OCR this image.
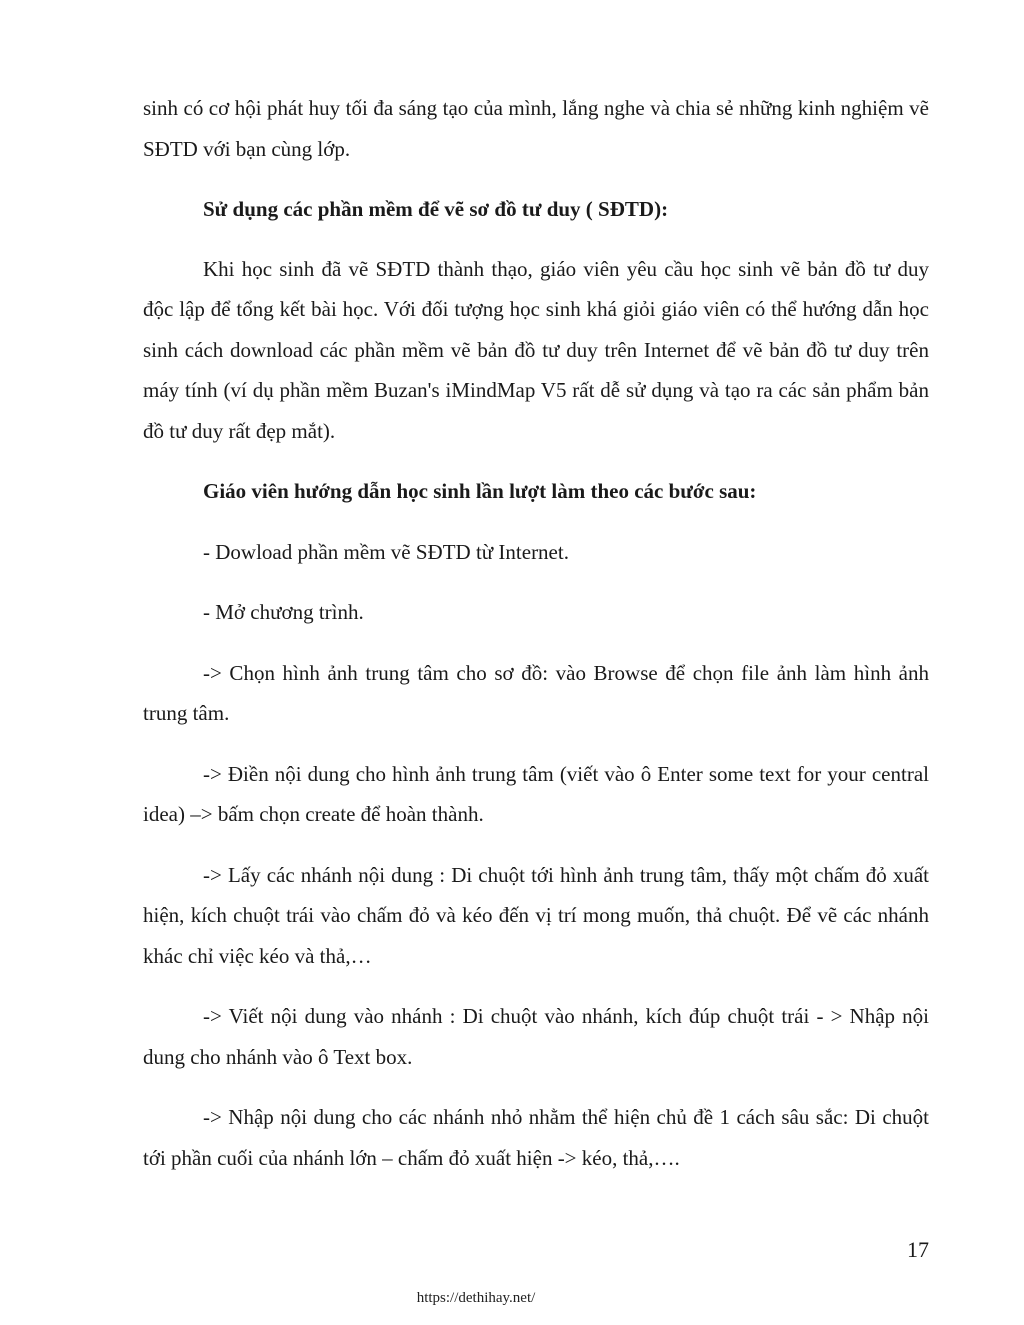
sinh có cơ hội phát huy tối đa sáng tạo của mình, lắng nghe và chia sẻ những kinh nghiệm vẽ SĐTD với bạn cùng lớp.

Sử dụng các phần mềm để vẽ sơ đồ tư duy ( SĐTD):

Khi học sinh đã vẽ SĐTD thành thạo, giáo viên yêu cầu học sinh vẽ bản đồ tư duy độc lập để tổng kết bài học. Với đối tượng học sinh khá giỏi giáo viên có thể hướng dẫn học sinh cách download các phần mềm vẽ bản đồ tư duy trên Internet để vẽ bản đồ tư duy trên máy tính (ví dụ phần mềm Buzan's iMindMap V5 rất dễ sử dụng và tạo ra các sản phẩm bản đồ tư duy rất đẹp mắt).

Giáo viên hướng dẫn học sinh lần lượt làm theo các bước sau:

- Dowload phần mềm vẽ SĐTD từ Internet.

- Mở chương trình.

-> Chọn hình ảnh trung tâm cho sơ đồ: vào Browse để chọn file ảnh làm hình ảnh trung tâm.

-> Điền nội dung cho hình ảnh trung tâm (viết vào ô Enter some text for your central idea) –> bấm chọn create để hoàn thành.

-> Lấy các nhánh nội dung : Di chuột tới hình ảnh trung tâm, thấy một chấm đỏ xuất hiện, kích chuột trái vào chấm đỏ và kéo đến vị trí mong muốn, thả chuột. Để vẽ các nhánh khác chỉ việc kéo và thả,…

-> Viết nội dung vào nhánh : Di chuột vào nhánh, kích đúp chuột trái - > Nhập nội dung cho nhánh vào ô Text box.

-> Nhập nội dung cho các nhánh nhỏ nhằm thể hiện chủ đề 1 cách sâu sắc: Di chuột tới phần cuối của nhánh lớn – chấm đỏ xuất hiện -> kéo, thả,….

17
https://dethihay.net/
